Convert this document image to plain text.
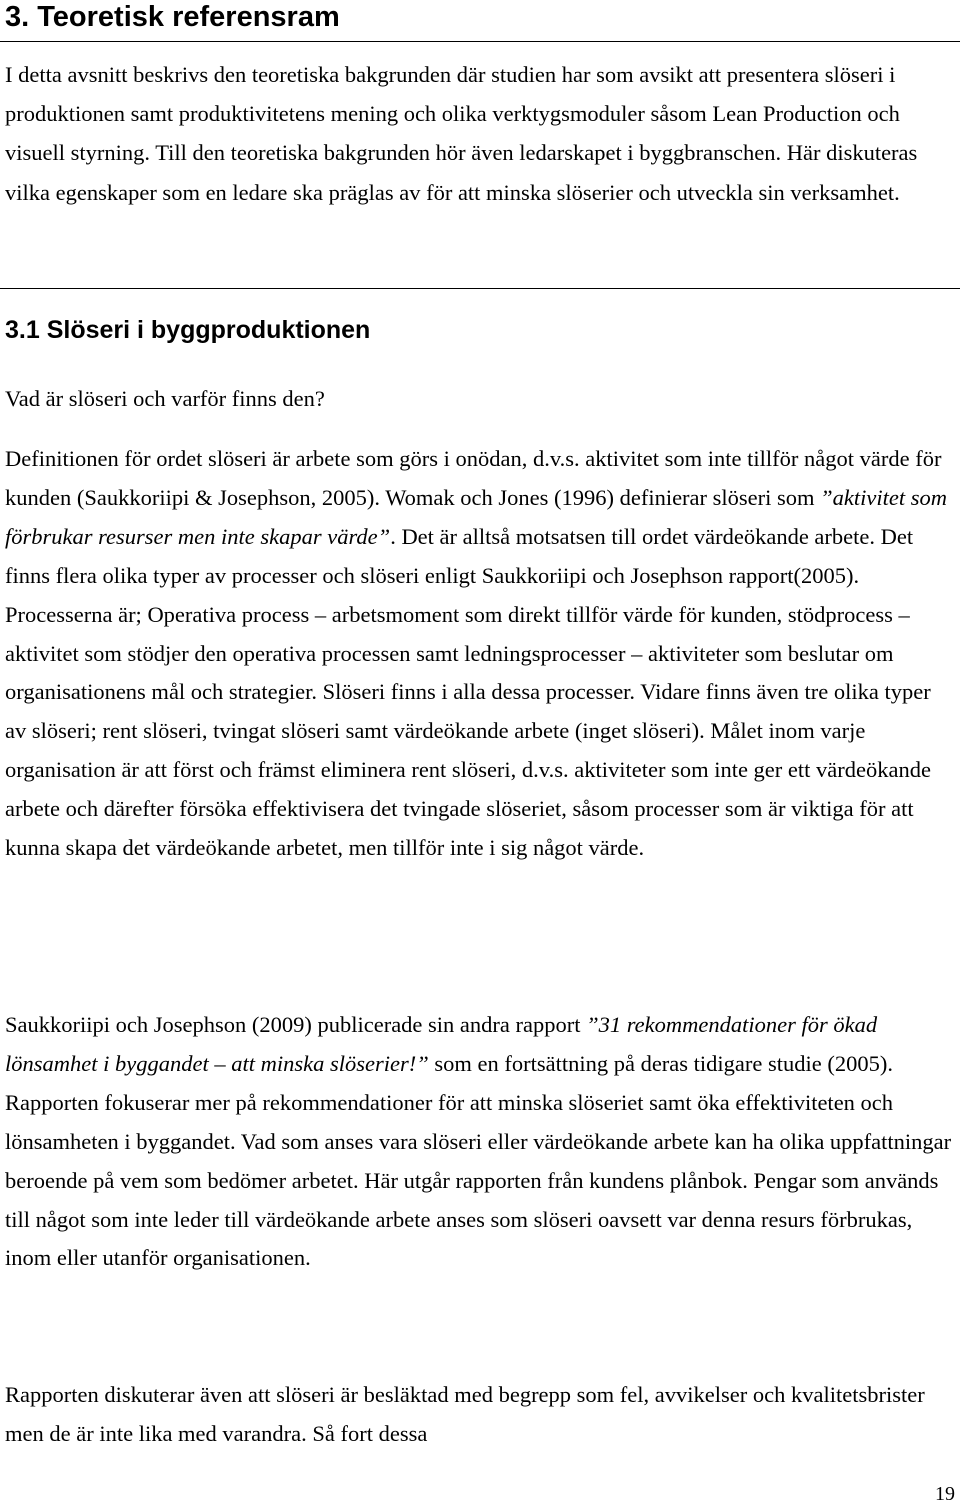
3. Teoretisk referensram

I detta avsnitt beskrivs den teoretiska bakgrunden där studien har som avsikt att presentera slöseri i produktionen samt produktivitetens mening och olika verktygsmoduler såsom Lean Production och visuell styrning. Till den teoretiska bakgrunden hör även ledarskapet i byggbranschen. Här diskuteras vilka egenskaper som en ledare ska präglas av för att minska slöserier och utveckla sin verksamhet.

3.1 Slöseri i byggproduktionen

Vad är slöseri och varför finns den?

Definitionen för ordet slöseri är arbete som görs i onödan, d.v.s. aktivitet som inte tillför något värde för kunden (Saukkoriipi & Josephson, 2005). Womak och Jones (1996) definierar slöseri som ”aktivitet som förbrukar resurser men inte skapar värde”. Det är alltså motsatsen till ordet värdeökande arbete. Det finns flera olika typer av processer och slöseri enligt Saukkoriipi och Josephson rapport(2005). Processerna är; Operativa process – arbetsmoment som direkt tillför värde för kunden, stödprocess – aktivitet som stödjer den operativa processen samt ledningsprocesser – aktiviteter som beslutar om organisationens mål och strategier. Slöseri finns i alla dessa processer. Vidare finns även tre olika typer av slöseri; rent slöseri, tvingat slöseri samt värdeökande arbete (inget slöseri). Målet inom varje organisation är att först och främst eliminera rent slöseri, d.v.s. aktiviteter som inte ger ett värdeökande arbete och därefter försöka effektivisera det tvingade slöseriet, såsom processer som är viktiga för att kunna skapa det värdeökande arbetet, men tillför inte i sig något värde.

Saukkoriipi och Josephson (2009) publicerade sin andra rapport ”31 rekommendationer för ökad lönsamhet i byggandet – att minska slöserier!” som en fortsättning på deras tidigare studie (2005). Rapporten fokuserar mer på rekommendationer för att minska slöseriet samt öka effektiviteten och lönsamheten i byggandet. Vad som anses vara slöseri eller värdeökande arbete kan ha olika uppfattningar beroende på vem som bedömer arbetet. Här utgår rapporten från kundens plånbok. Pengar som används till något som inte leder till värdeökande arbete anses som slöseri oavsett var denna resurs förbrukas, inom eller utanför organisationen.

Rapporten diskuterar även att slöseri är besläktad med begrepp som fel, avvikelser och kvalitetsbrister men de är inte lika med varandra. Så fort dessa

19
